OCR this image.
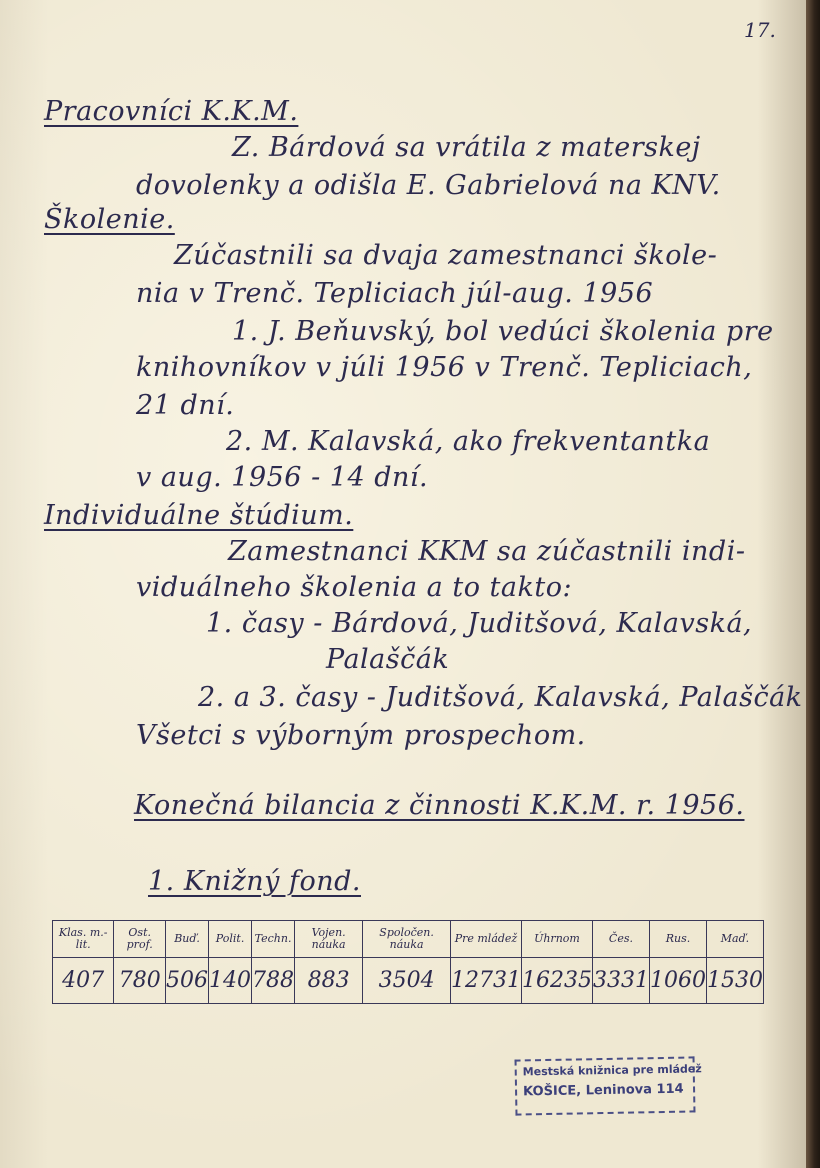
17.
Pracovníci K.K.M.
Z. Bárdová sa vrátila z materskej
dovolenky a odišla E. Gabrielová na KNV.
Školenie.
Zúčastnili sa dvaja zamestnanci škole-
nia v Trenč. Tepliciach júl-aug. 1956
1. J. Beňuvský, bol vedúci školenia pre
knihovníkov v júli 1956 v Trenč. Tepliciach,
21 dní.
2. M. Kalavská, ako frekventantka
v aug. 1956 - 14 dní.
Individuálne štúdium.
Zamestnanci KKM sa zúčastnili indi-
viduálneho školenia a to takto:
1. časy - Bárdová, Juditšová, Kalavská,
Palaščák
2. a 3. časy - Juditšová, Kalavská, Palaščák
Všetci s výborným prospechom.
Konečná bilancia z činnosti K.K.M. r. 1956.
1. Knižný fond.
Klas. m.-lit.	Ost. prof.	Buď.	Polit.	Techn.	Vojen. náuka	Spoločen. náuka	Pre mládež	Úhrnom	Čes.	Rus.	Maď.
407	780	506	140	788	883	3504	12731	16235	3331	1060	1530
Mestská knižnica pre mládež
KOŠICE, Leninova 114
